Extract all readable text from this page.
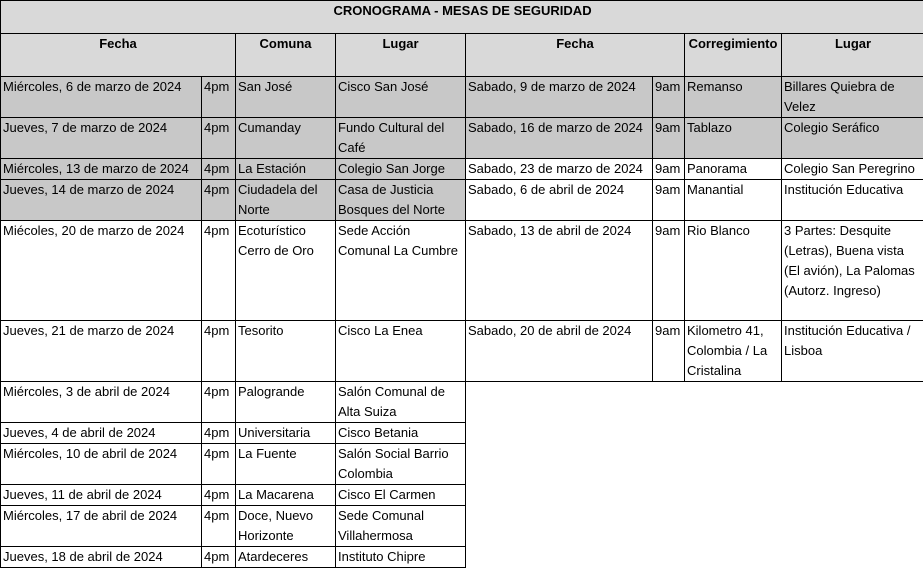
CRONOGRAMA - MESAS DE SEGURIDAD							
Fecha		Comuna	Lugar	Fecha		Corregimiento	Lugar
Miércoles, 6 de marzo de 2024	4pm	San José	Cisco San José	Sabado, 9 de marzo de 2024	9am	Remanso	Billares Quiebra de Velez
Jueves, 7 de marzo de 2024	4pm	Cumanday	Fundo Cultural del Café	Sabado, 16 de marzo de 2024	9am	Tablazo	Colegio Seráfico
Miércoles, 13 de marzo de 2024	4pm	La Estación	Colegio San Jorge	Sabado, 23 de marzo de 2024	9am	Panorama	Colegio San Peregrino
Jueves, 14 de marzo de 2024	4pm	Ciudadela del Norte	Casa de Justicia Bosques del Norte	Sabado, 6 de abril de 2024	9am	Manantial	Institución Educativa
Miécoles, 20 de marzo de 2024	4pm	Ecoturístico Cerro de Oro	Sede Acción Comunal La Cumbre	Sabado, 13 de abril de 2024	9am	Rio Blanco	3 Partes: Desquite (Letras), Buena vista (El avión), La Palomas (Autorz. Ingreso)
Jueves, 21 de marzo de 2024	4pm	Tesorito	Cisco La Enea	Sabado, 20 de abril de 2024	9am	Kilometro 41, Colombia / La Cristalina	Institución Educativa / Lisboa
Miércoles, 3 de abril de 2024	4pm	Palogrande	Salón Comunal de Alta Suiza				
Jueves, 4 de abril de 2024	4pm	Universitaria	Cisco Betania				
Miércoles, 10 de abril de 2024	4pm	La Fuente	Salón Social Barrio Colombia				
Jueves, 11 de abril de 2024	4pm	La Macarena	Cisco El Carmen				
Miércoles, 17 de abril de 2024	4pm	Doce, Nuevo Horizonte	Sede Comunal Villahermosa				
Jueves, 18 de abril de 2024	4pm	Atardeceres	Instituto Chipre				
